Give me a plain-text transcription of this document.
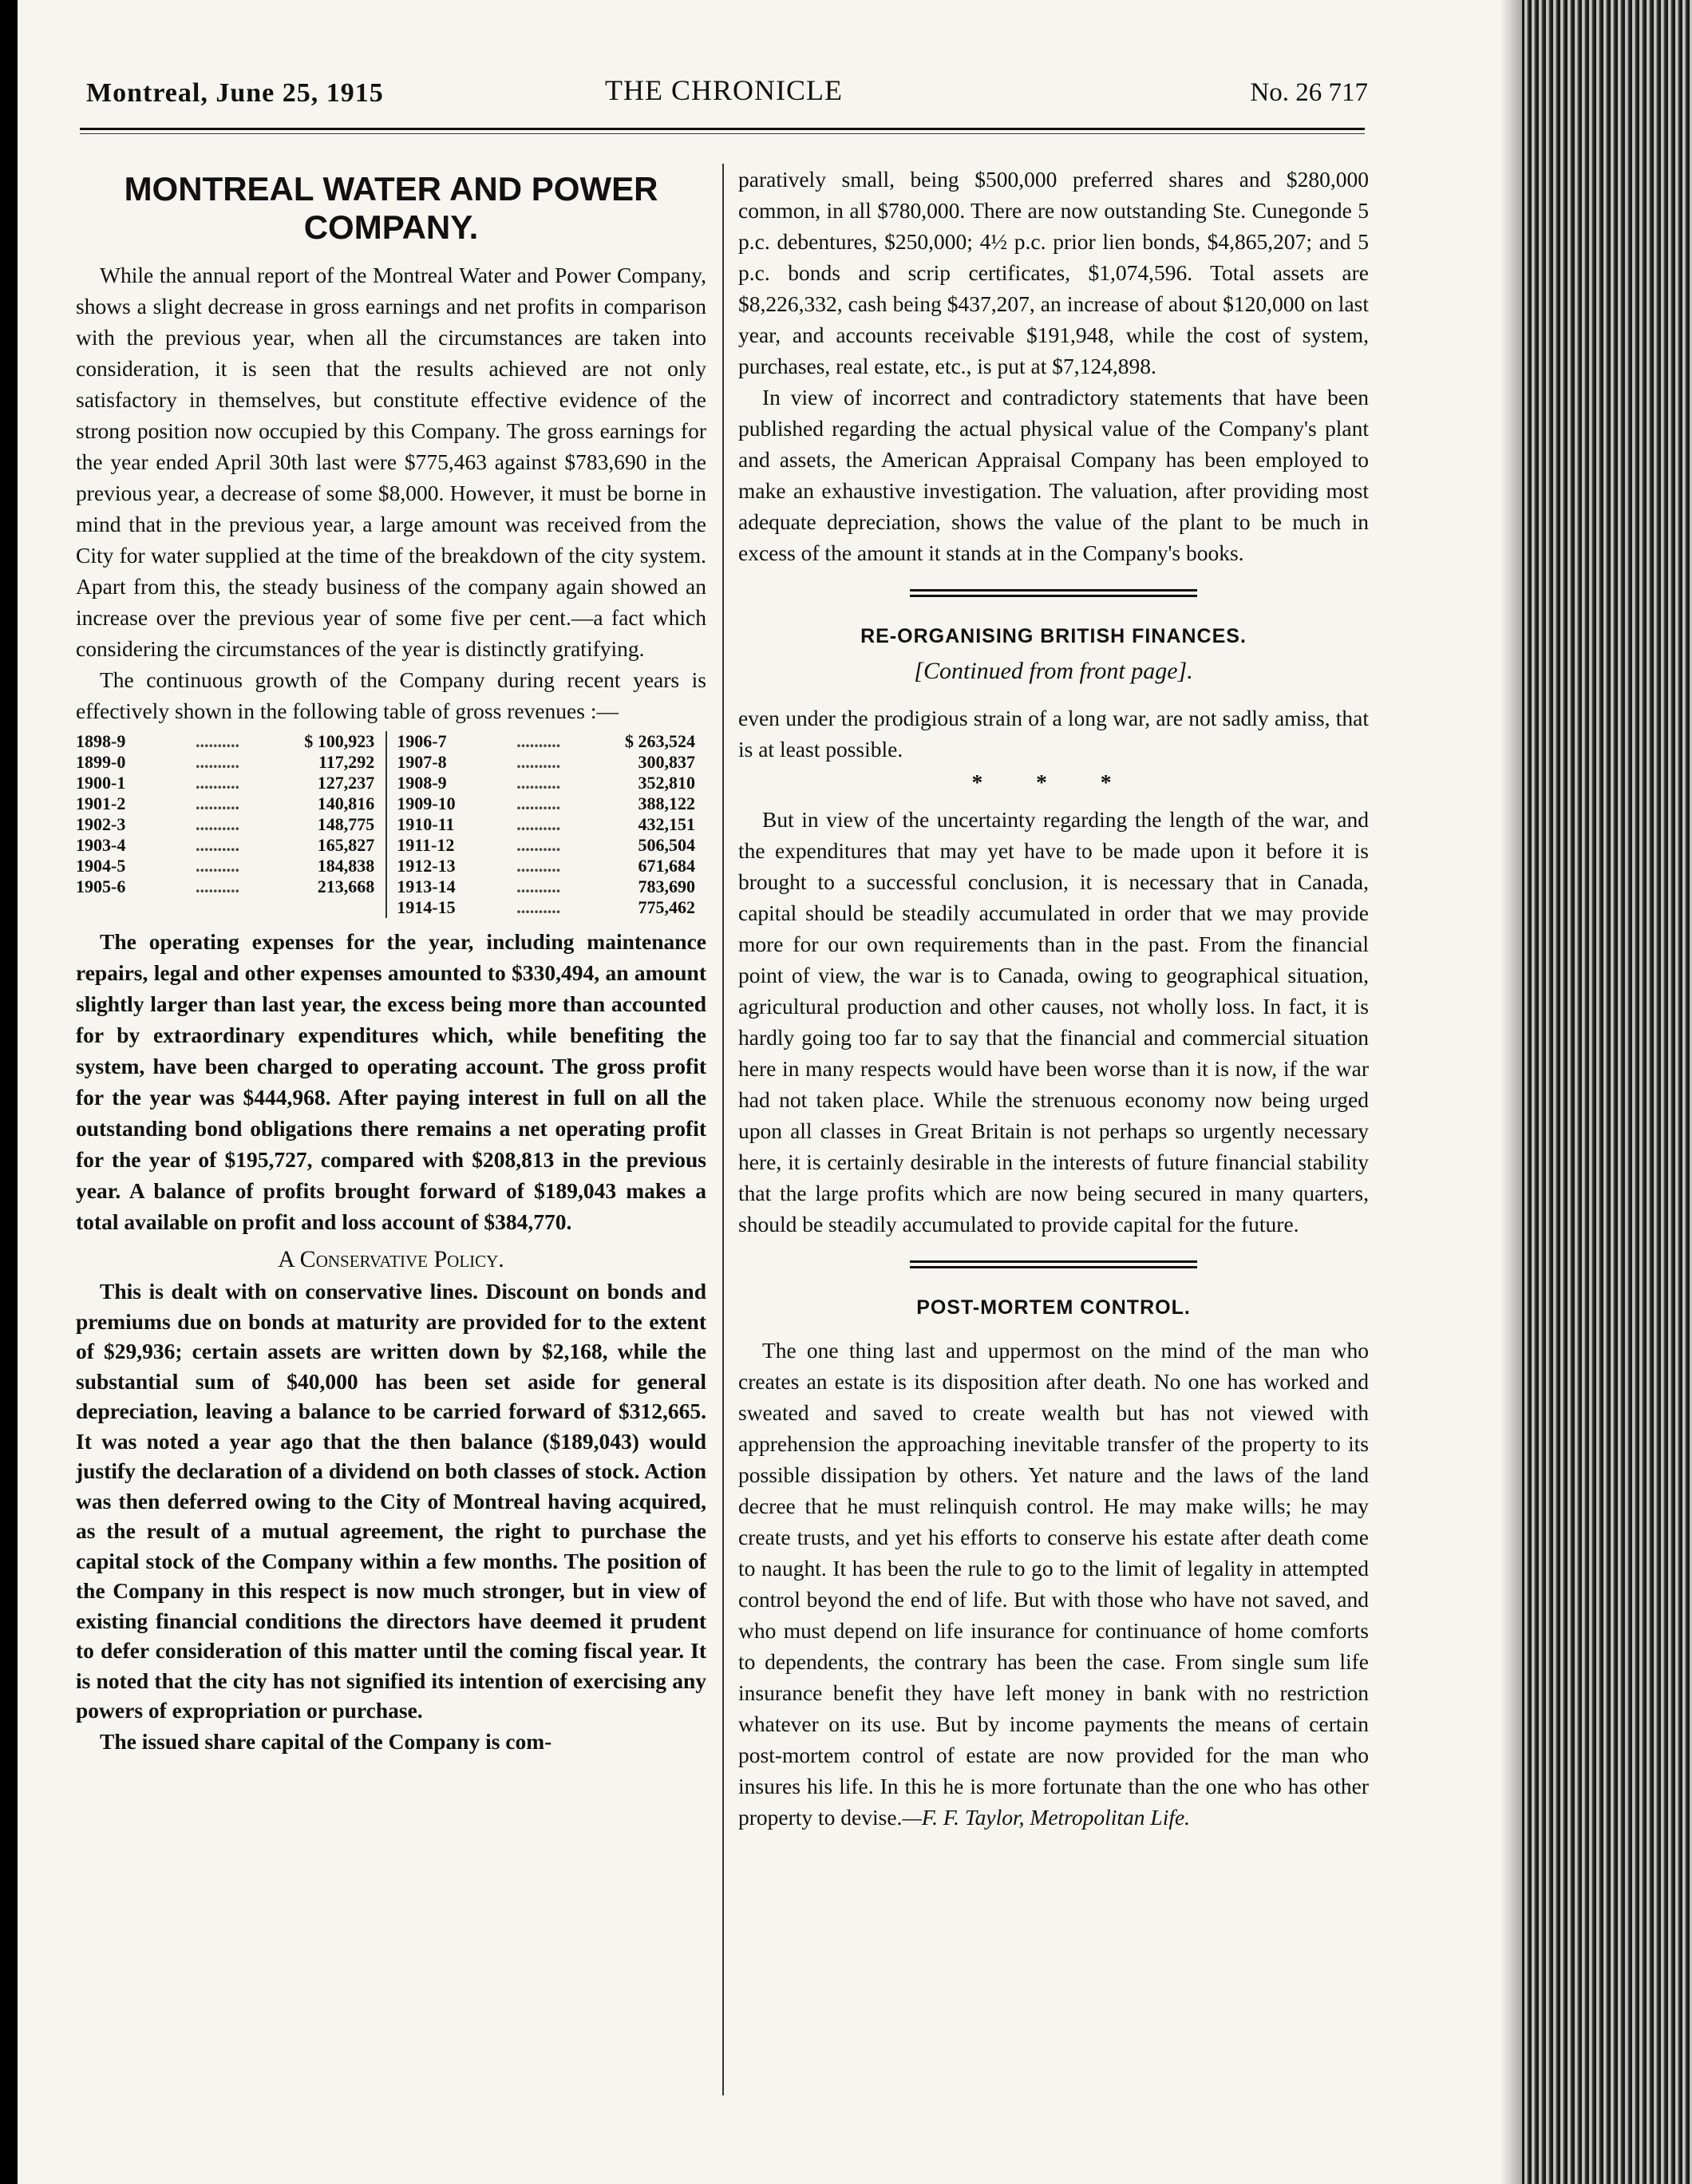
Montreal, June 25, 1915	THE CHRONICLE	No. 26 717
MONTREAL WATER AND POWER COMPANY.

While the annual report of the Montreal Water and Power Company, shows a slight decrease in gross earnings and net profits in comparison with the previous year, when all the circumstances are taken into consideration, it is seen that the results achieved are not only satisfactory in themselves, but constitute effective evidence of the strong position now occupied by this Company. The gross earnings for the year ended April 30th last were $775,463 against $783,690 in the previous year, a decrease of some $8,000. However, it must be borne in mind that in the previous year, a large amount was received from the City for water supplied at the time of the breakdown of the city system. Apart from this, the steady business of the company again showed an increase over the previous year of some five per cent.—a fact which considering the circumstances of the year is distinctly gratifying.

The continuous growth of the Company during recent years is effectively shown in the following table of gross revenues :—

1898-9	..........	$ 100,923		1906-7	..........	$ 263,524
1899-0	..........	117,292		1907-8	..........	300,837
1900-1	..........	127,237		1908-9	..........	352,810
1901-2	..........	140,816		1909-10	..........	388,122
1902-3	..........	148,775		1910-11	..........	432,151
1903-4	..........	165,827		1911-12	..........	506,504
1904-5	..........	184,838		1912-13	..........	671,684
1905-6	..........	213,668		1913-14	..........	783,690
				1914-15	..........	775,462

The operating expenses for the year, including maintenance repairs, legal and other expenses amounted to $330,494, an amount slightly larger than last year, the excess being more than accounted for by extraordinary expenditures which, while benefiting the system, have been charged to operating account. The gross profit for the year was $444,968. After paying interest in full on all the outstanding bond obligations there remains a net operating profit for the year of $195,727, compared with $208,813 in the previous year. A balance of profits brought forward of $189,043 makes a total available on profit and loss account of $384,770.

A Conservative Policy.

This is dealt with on conservative lines. Discount on bonds and premiums due on bonds at maturity are provided for to the extent of $29,936; certain assets are written down by $2,168, while the substantial sum of $40,000 has been set aside for general depreciation, leaving a balance to be carried forward of $312,665. It was noted a year ago that the then balance ($189,043) would justify the declaration of a dividend on both classes of stock. Action was then deferred owing to the City of Montreal having acquired, as the result of a mutual agreement, the right to purchase the capital stock of the Company within a few months. The position of the Company in this respect is now much stronger, but in view of existing financial conditions the directors have deemed it prudent to defer consideration of this matter until the coming fiscal year. It is noted that the city has not signified its intention of exercising any powers of expropriation or purchase.

The issued share capital of the Company is com-

paratively small, being $500,000 preferred shares and $280,000 common, in all $780,000. There are now outstanding Ste. Cunegonde 5 p.c. debentures, $250,000; 4½ p.c. prior lien bonds, $4,865,207; and 5 p.c. bonds and scrip certificates, $1,074,596. Total assets are $8,226,332, cash being $437,207, an increase of about $120,000 on last year, and accounts receivable $191,948, while the cost of system, purchases, real estate, etc., is put at $7,124,898.

In view of incorrect and contradictory statements that have been published regarding the actual physical value of the Company's plant and assets, the American Appraisal Company has been employed to make an exhaustive investigation. The valuation, after providing most adequate depreciation, shows the value of the plant to be much in excess of the amount it stands at in the Company's books.

RE-ORGANISING BRITISH FINANCES.
[Continued from front page].

even under the prodigious strain of a long war, are not sadly amiss, that is at least possible.

* * *

But in view of the uncertainty regarding the length of the war, and the expenditures that may yet have to be made upon it before it is brought to a successful conclusion, it is necessary that in Canada, capital should be steadily accumulated in order that we may provide more for our own requirements than in the past. From the financial point of view, the war is to Canada, owing to geographical situation, agricultural production and other causes, not wholly loss. In fact, it is hardly going too far to say that the financial and commercial situation here in many respects would have been worse than it is now, if the war had not taken place. While the strenuous economy now being urged upon all classes in Great Britain is not perhaps so urgently necessary here, it is certainly desirable in the interests of future financial stability that the large profits which are now being secured in many quarters, should be steadily accumulated to provide capital for the future.

POST-MORTEM CONTROL.

The one thing last and uppermost on the mind of the man who creates an estate is its disposition after death. No one has worked and sweated and saved to create wealth but has not viewed with apprehension the approaching inevitable transfer of the property to its possible dissipation by others. Yet nature and the laws of the land decree that he must relinquish control. He may make wills; he may create trusts, and yet his efforts to conserve his estate after death come to naught. It has been the rule to go to the limit of legality in attempted control beyond the end of life. But with those who have not saved, and who must depend on life insurance for continuance of home comforts to dependents, the contrary has been the case. From single sum life insurance benefit they have left money in bank with no restriction whatever on its use. But by income payments the means of certain post-mortem control of estate are now provided for the man who insures his life. In this he is more fortunate than the one who has other property to devise.—F. F. Taylor, Metropolitan Life.
